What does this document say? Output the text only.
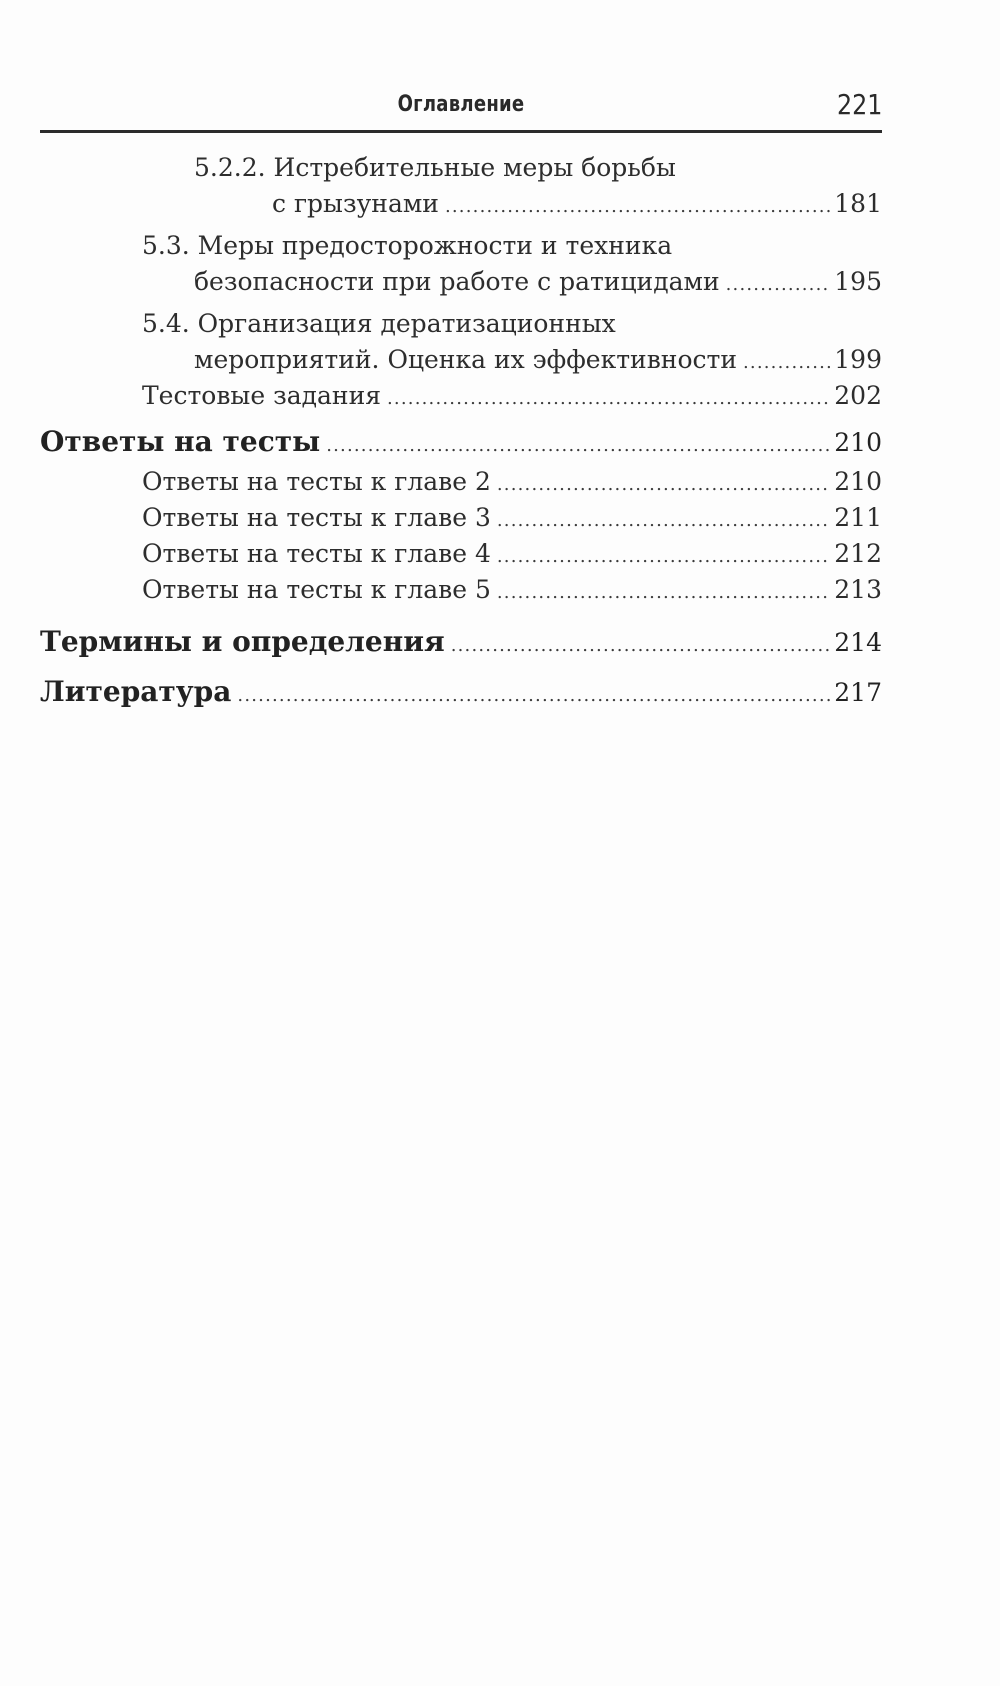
Оглавление	221
5.2.2. Истребительные меры борьбы
с грызунами .....	181
5.3. Меры предосторожности и техника
безопасности при работе с ратицидами .....	195
5.4. Организация дератизационных
мероприятий. Оценка их эффективности .....	199
Тестовые задания .....	202
Ответы на тесты .....	210
Ответы на тесты к главе 2 .....	210
Ответы на тесты к главе 3 .....	211
Ответы на тесты к главе 4 .....	212
Ответы на тесты к главе 5 .....	213
Термины и определения .....	214
Литература .....	217
